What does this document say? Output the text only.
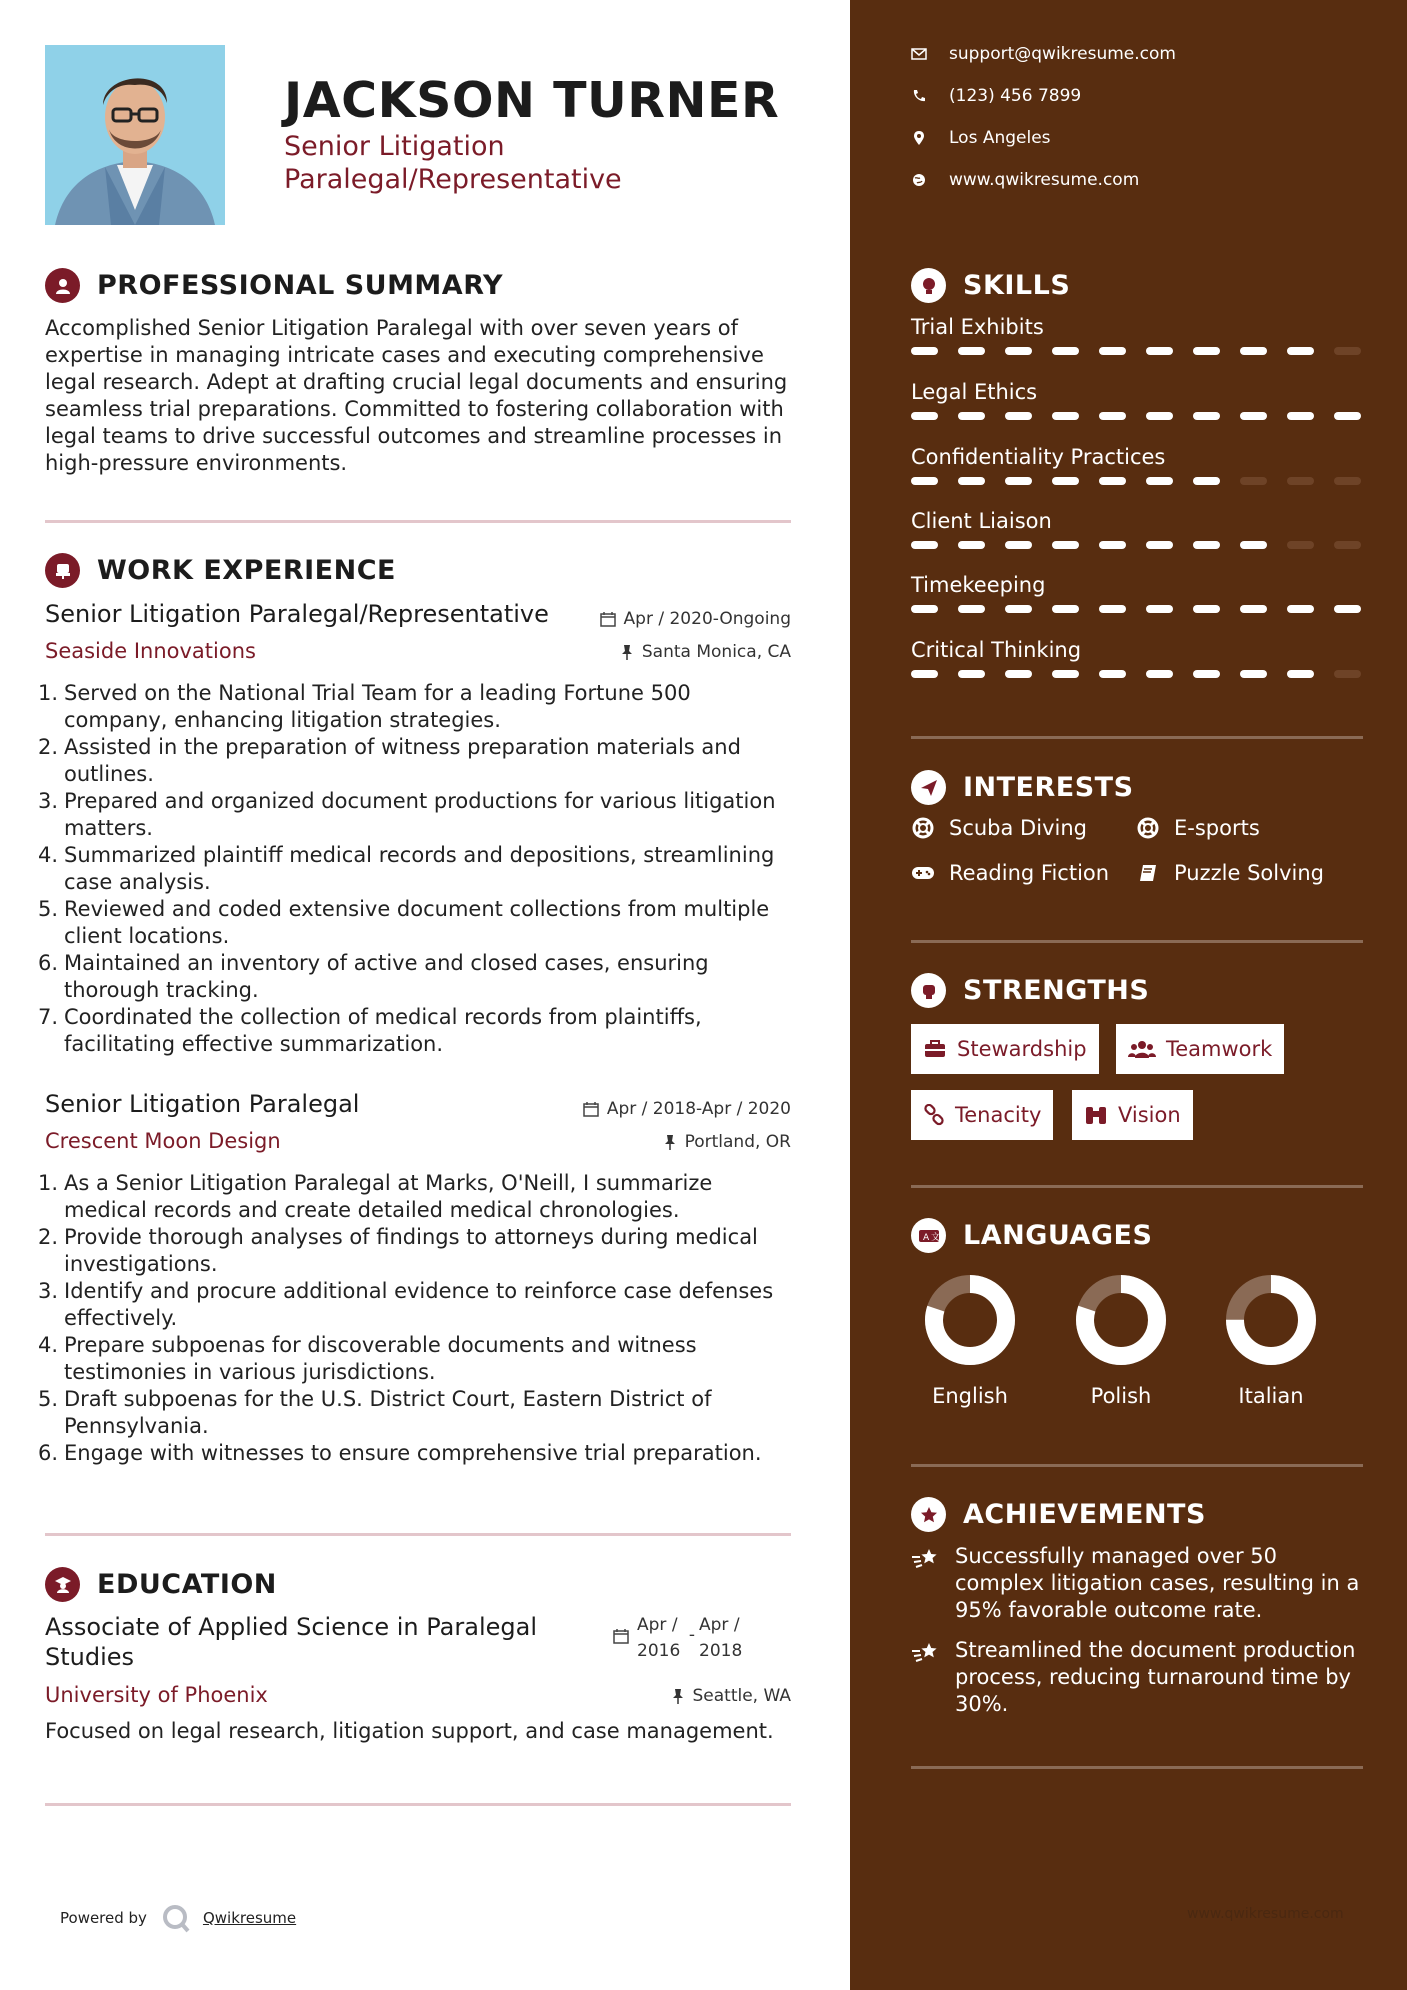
JACKSON TURNER
Senior Litigation Paralegal/Representative
PROFESSIONAL SUMMARY
Accomplished Senior Litigation Paralegal with over seven years of expertise in managing intricate cases and executing comprehensive legal research. Adept at drafting crucial legal documents and ensuring seamless trial preparations. Committed to fostering collaboration with legal teams to drive successful outcomes and streamline processes in high-pressure environments.
WORK EXPERIENCE
Senior Litigation Paralegal/Representative	Apr / 2020-Ongoing
Seaside Innovations	Santa Monica, CA
1. Served on the National Trial Team for a leading Fortune 500 company, enhancing litigation strategies.
2. Assisted in the preparation of witness preparation materials and outlines.
3. Prepared and organized document productions for various litigation matters.
4. Summarized plaintiff medical records and depositions, streamlining case analysis.
5. Reviewed and coded extensive document collections from multiple client locations.
6. Maintained an inventory of active and closed cases, ensuring thorough tracking.
7. Coordinated the collection of medical records from plaintiffs, facilitating effective summarization.
Senior Litigation Paralegal	Apr / 2018-Apr / 2020
Crescent Moon Design	Portland, OR
1. As a Senior Litigation Paralegal at Marks, O'Neill, I summarize medical records and create detailed medical chronologies.
2. Provide thorough analyses of findings to attorneys during medical investigations.
3. Identify and procure additional evidence to reinforce case defenses effectively.
4. Prepare subpoenas for discoverable documents and witness testimonies in various jurisdictions.
5. Draft subpoenas for the U.S. District Court, Eastern District of Pennsylvania.
6. Engage with witnesses to ensure comprehensive trial preparation.
EDUCATION
Associate of Applied Science in Paralegal Studies
Apr / 2016
- Apr / 2018
University of Phoenix	Seattle, WA
Focused on legal research, litigation support, and case management.
Powered by	Qwikresume
support@qwikresume.com
(123) 456 7899
Los Angeles
www.qwikresume.com
SKILLS
Trial Exhibits
Legal Ethics
Confidentiality Practices
Client Liaison
Timekeeping
Critical Thinking
INTERESTS
Scuba Diving	E-sports
Reading Fiction	Puzzle Solving
STRENGTHS
Stewardship	Teamwork
Tenacity	Vision
A 文 LANGUAGES
English	Polish	Italian
ACHIEVEMENTS
Successfully managed over 50 complex litigation cases, resulting in a 95% favorable outcome rate.
Streamlined the document production process, reducing turnaround time by 30%.
www.qwikresume.com
